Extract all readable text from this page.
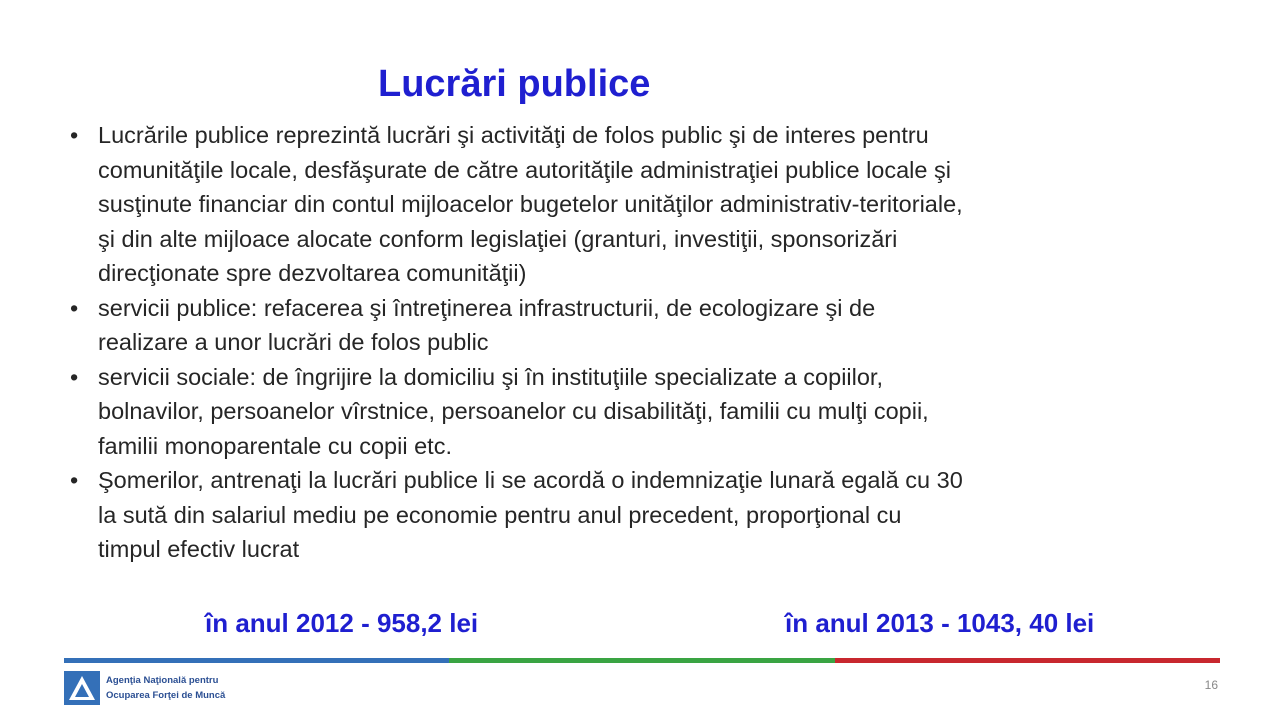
Lucrări publice
• Lucrările publice reprezintă lucrări şi activităţi de folos public şi de interes pentru
comunităţile locale, desfăşurate de către autorităţile administraţiei publice locale şi
susţinute financiar din contul mijloacelor bugetelor unităţilor administrativ-teritoriale,
şi din alte mijloace alocate conform legislaţiei (granturi, investiţii, sponsorizări
direcţionate spre dezvoltarea comunităţii)
• servicii publice: refacerea şi întreţinerea infrastructurii, de ecologizare şi de
realizare a unor lucrări de folos public
• servicii sociale: de îngrijire la domiciliu şi în instituţiile specializate a copiilor,
bolnavilor, persoanelor vîrstnice, persoanelor cu disabilităţi, familii cu mulţi copii,
familii monoparentale cu copii etc.
• Şomerilor, antrenaţi la lucrări publice li se acordă o indemnizaţie lunară egală cu 30
la sută din salariul mediu pe economie pentru anul precedent, proporţional cu
timpul efectiv lucrat
în anul 2012 - 958,2 lei	în anul 2013 - 1043, 40 lei
Agenţia Naţională pentru
Ocuparea Forţei de Muncă
16
